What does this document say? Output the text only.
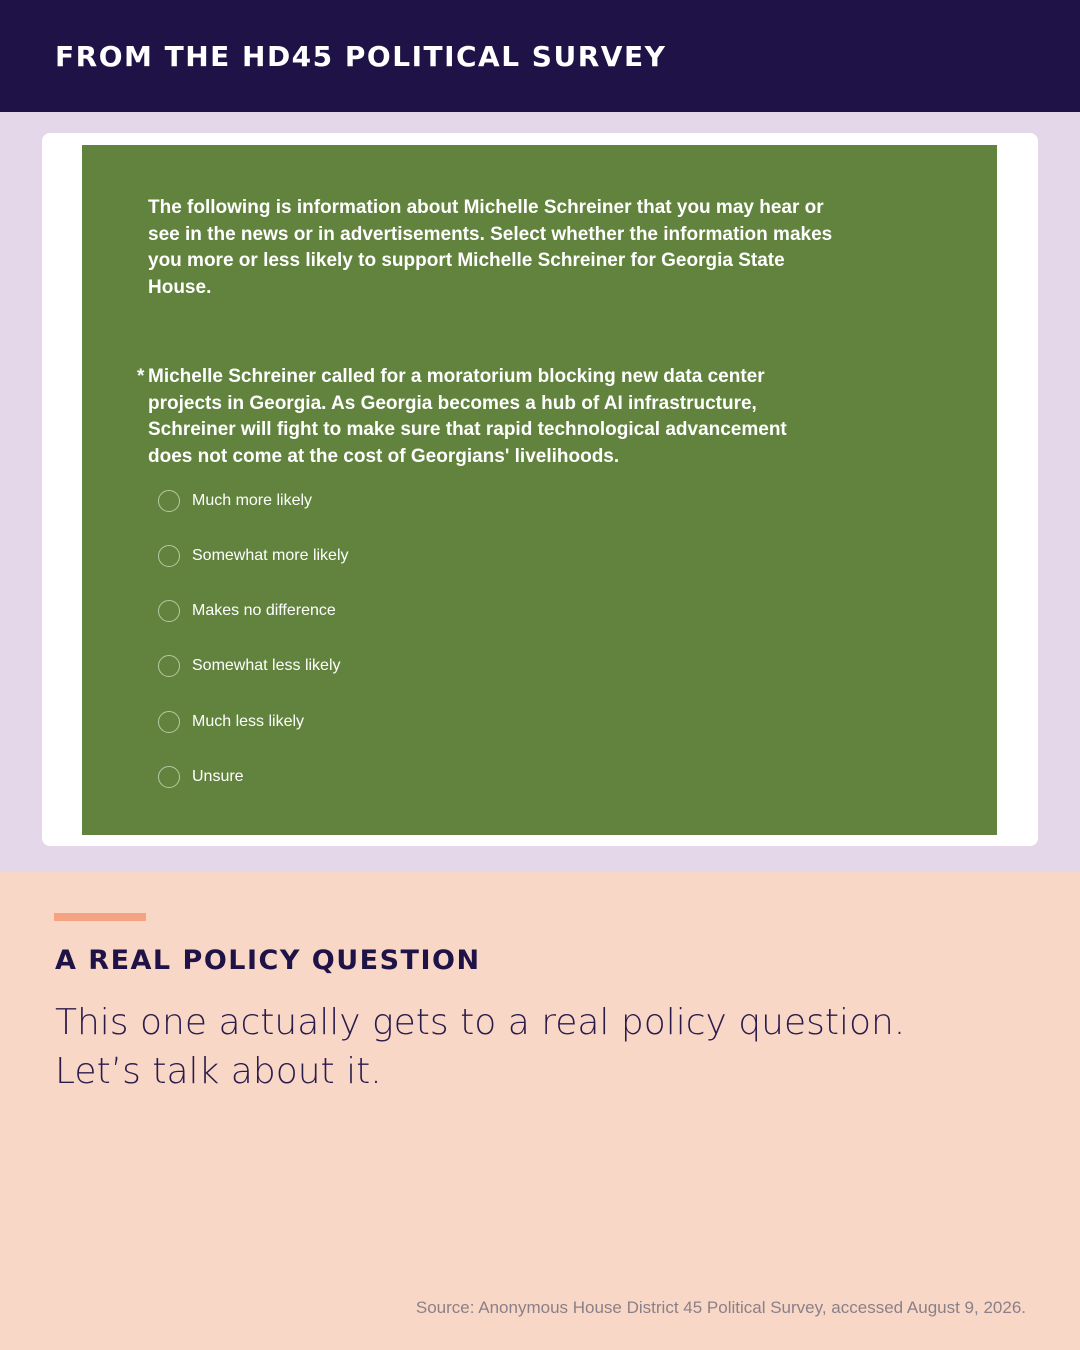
FROM THE HD45 POLITICAL SURVEY
The following is information about Michelle Schreiner that you may hear or see in the news or in advertisements. Select whether the information makes you more or less likely to support Michelle Schreiner for Georgia State House.
* Michelle Schreiner called for a moratorium blocking new data center projects in Georgia. As Georgia becomes a hub of AI infrastructure, Schreiner will fight to make sure that rapid technological advancement does not come at the cost of Georgians' livelihoods.
Much more likely
Somewhat more likely
Makes no difference
Somewhat less likely
Much less likely
Unsure
A REAL POLICY QUESTION
This one actually gets to a real policy question.
Let’s talk about it.
Source: Anonymous House District 45 Political Survey, accessed August 9, 2026.
